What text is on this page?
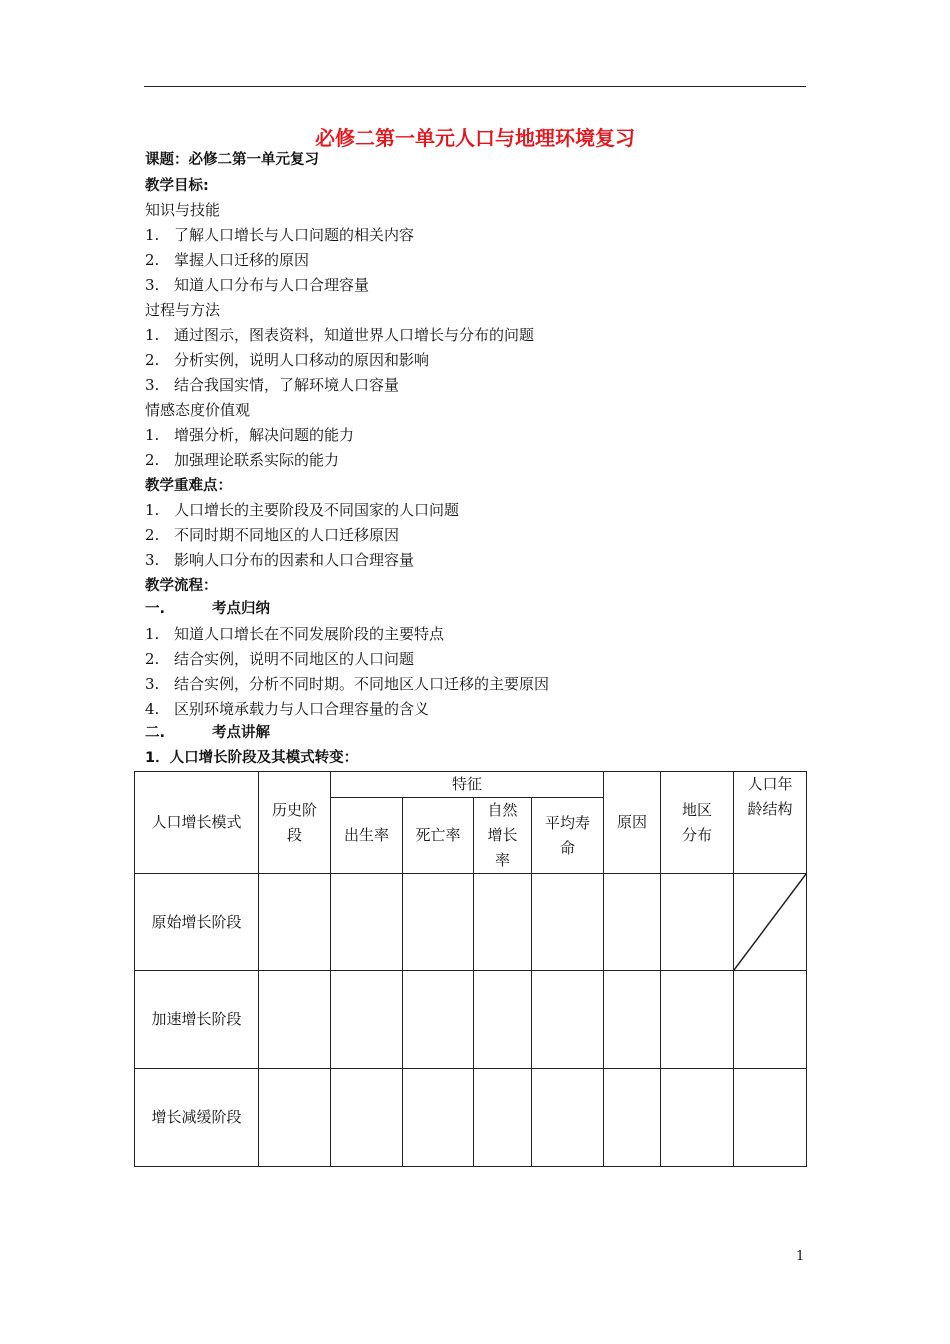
必修二第一单元人口与地理环境复习
课题：必修二第一单元复习
教学目标:
知识与技能
1. 了解人口增长与人口问题的相关内容
2. 掌握人口迁移的原因
3. 知道人口分布与人口合理容量
过程与方法
1. 通过图示，图表资料，知道世界人口增长与分布的问题
2. 分析实例，说明人口移动的原因和影响
3. 结合我国实情，了解环境人口容量
情感态度价值观
1. 增强分析，解决问题的能力
2. 加强理论联系实际的能力
教学重难点：
1. 人口增长的主要阶段及不同国家的人口问题
2. 不同时期不同地区的人口迁移原因
3. 影响人口分布的因素和人口合理容量
教学流程：
一.	考点归纳
1. 知道人口增长在不同发展阶段的主要特点
2. 结合实例，说明不同地区的人口问题
3. 结合实例，分析不同时期。不同地区人口迁移的主要原因
4. 区别环境承载力与人口合理容量的含义
二.	考点讲解
1．人口增长阶段及其模式转变：
人口增长模式	历史阶段	特征				原因	地区分布	人口年龄结构

		出生率	死亡率	自然增长率	平均寿命			

原始增长阶段								

加速增长阶段								
增长减缓阶段								
1
